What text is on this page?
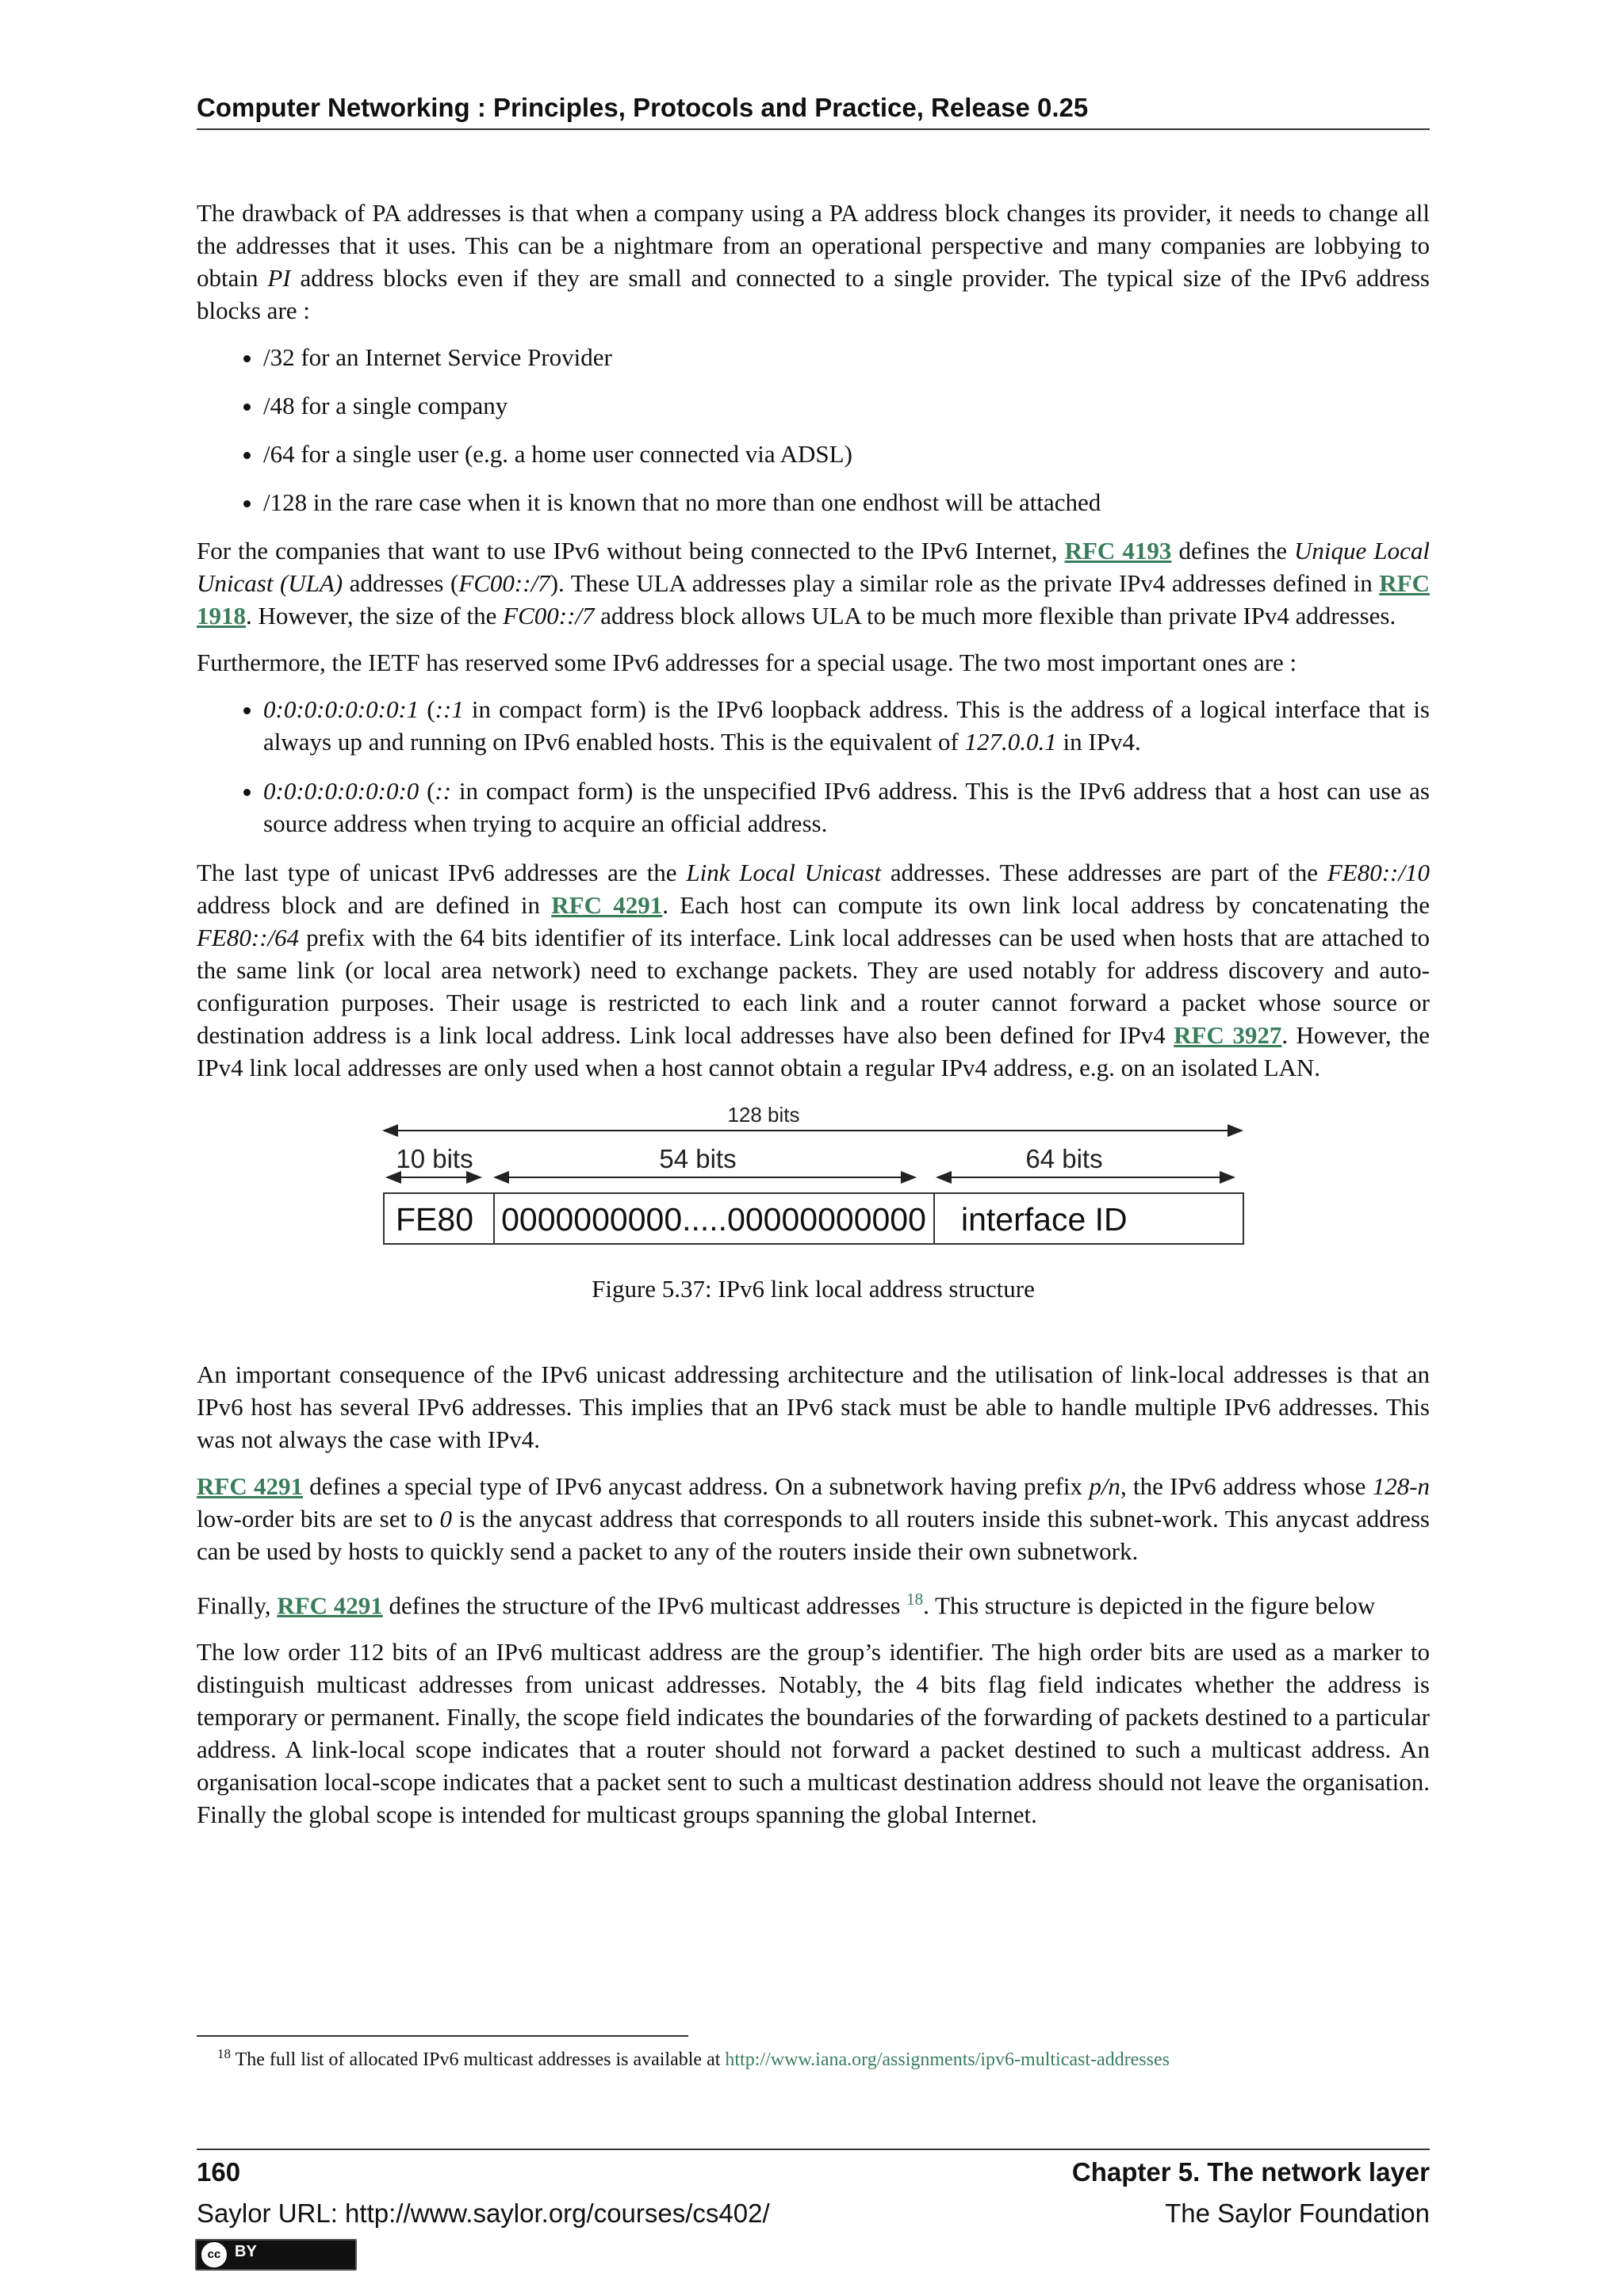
Computer Networking : Principles, Protocols and Practice, Release 0.25

The drawback of PA addresses is that when a company using a PA address block changes its provider, it needs to change all the addresses that it uses. This can be a nightmare from an operational perspective and many companies are lobbying to obtain PI address blocks even if they are small and connected to a single provider. The typical size of the IPv6 address blocks are :

• /32 for an Internet Service Provider
• /48 for a single company
• /64 for a single user (e.g. a home user connected via ADSL)
• /128 in the rare case when it is known that no more than one endhost will be attached

For the companies that want to use IPv6 without being connected to the IPv6 Internet, RFC 4193 defines the Unique Local Unicast (ULA) addresses (FC00::/7). These ULA addresses play a similar role as the private IPv4 addresses defined in RFC 1918. However, the size of the FC00::/7 address block allows ULA to be much more flexible than private IPv4 addresses.

Furthermore, the IETF has reserved some IPv6 addresses for a special usage. The two most important ones are :

• 0:0:0:0:0:0:0:1 (::1 in compact form) is the IPv6 loopback address. This is the address of a logical interface that is always up and running on IPv6 enabled hosts. This is the equivalent of 127.0.0.1 in IPv4.
• 0:0:0:0:0:0:0:0 (:: in compact form) is the unspecified IPv6 address. This is the IPv6 address that a host can use as source address when trying to acquire an official address.

The last type of unicast IPv6 addresses are the Link Local Unicast addresses. These addresses are part of the FE80::/10 address block and are defined in RFC 4291. Each host can compute its own link local address by concatenating the FE80::/64 prefix with the 64 bits identifier of its interface. Link local addresses can be used when hosts that are attached to the same link (or local area network) need to exchange packets. They are used notably for address discovery and auto-configuration purposes. Their usage is restricted to each link and a router cannot forward a packet whose source or destination address is a link local address. Link local addresses have also been defined for IPv4 RFC 3927. However, the IPv4 link local addresses are only used when a host cannot obtain a regular IPv4 address, e.g. on an isolated LAN.

128 bits
10 bits	54 bits	64 bits
FE80 0000000000.....00000000000 interface ID
Figure 5.37: IPv6 link local address structure

An important consequence of the IPv6 unicast addressing architecture and the utilisation of link-local addresses is that an IPv6 host has several IPv6 addresses. This implies that an IPv6 stack must be able to handle multiple IPv6 addresses. This was not always the case with IPv4.

RFC 4291 defines a special type of IPv6 anycast address. On a subnetwork having prefix p/n, the IPv6 address whose 128-n low-order bits are set to 0 is the anycast address that corresponds to all routers inside this subnet-work. This anycast address can be used by hosts to quickly send a packet to any of the routers inside their own subnetwork.

Finally, RFC 4291 defines the structure of the IPv6 multicast addresses $^{18}$. This structure is depicted in the figure below

The low order 112 bits of an IPv6 multicast address are the group’s identifier. The high order bits are used as a marker to distinguish multicast addresses from unicast addresses. Notably, the 4 bits flag field indicates whether the address is temporary or permanent. Finally, the scope field indicates the boundaries of the forwarding of packets destined to a particular address. A link-local scope indicates that a router should not forward a packet destined to such a multicast address. An organisation local-scope indicates that a packet sent to such a multicast destination address should not leave the organisation. Finally the global scope is intended for multicast groups spanning the global Internet.

$^{18}$ The full list of allocated IPv6 multicast addresses is available at http://www.iana.org/assignments/ipv6-multicast-addresses
160	Chapter 5. The network layer
Saylor URL: http://www.saylor.org/courses/cs402/	The Saylor Foundation
cc BY
